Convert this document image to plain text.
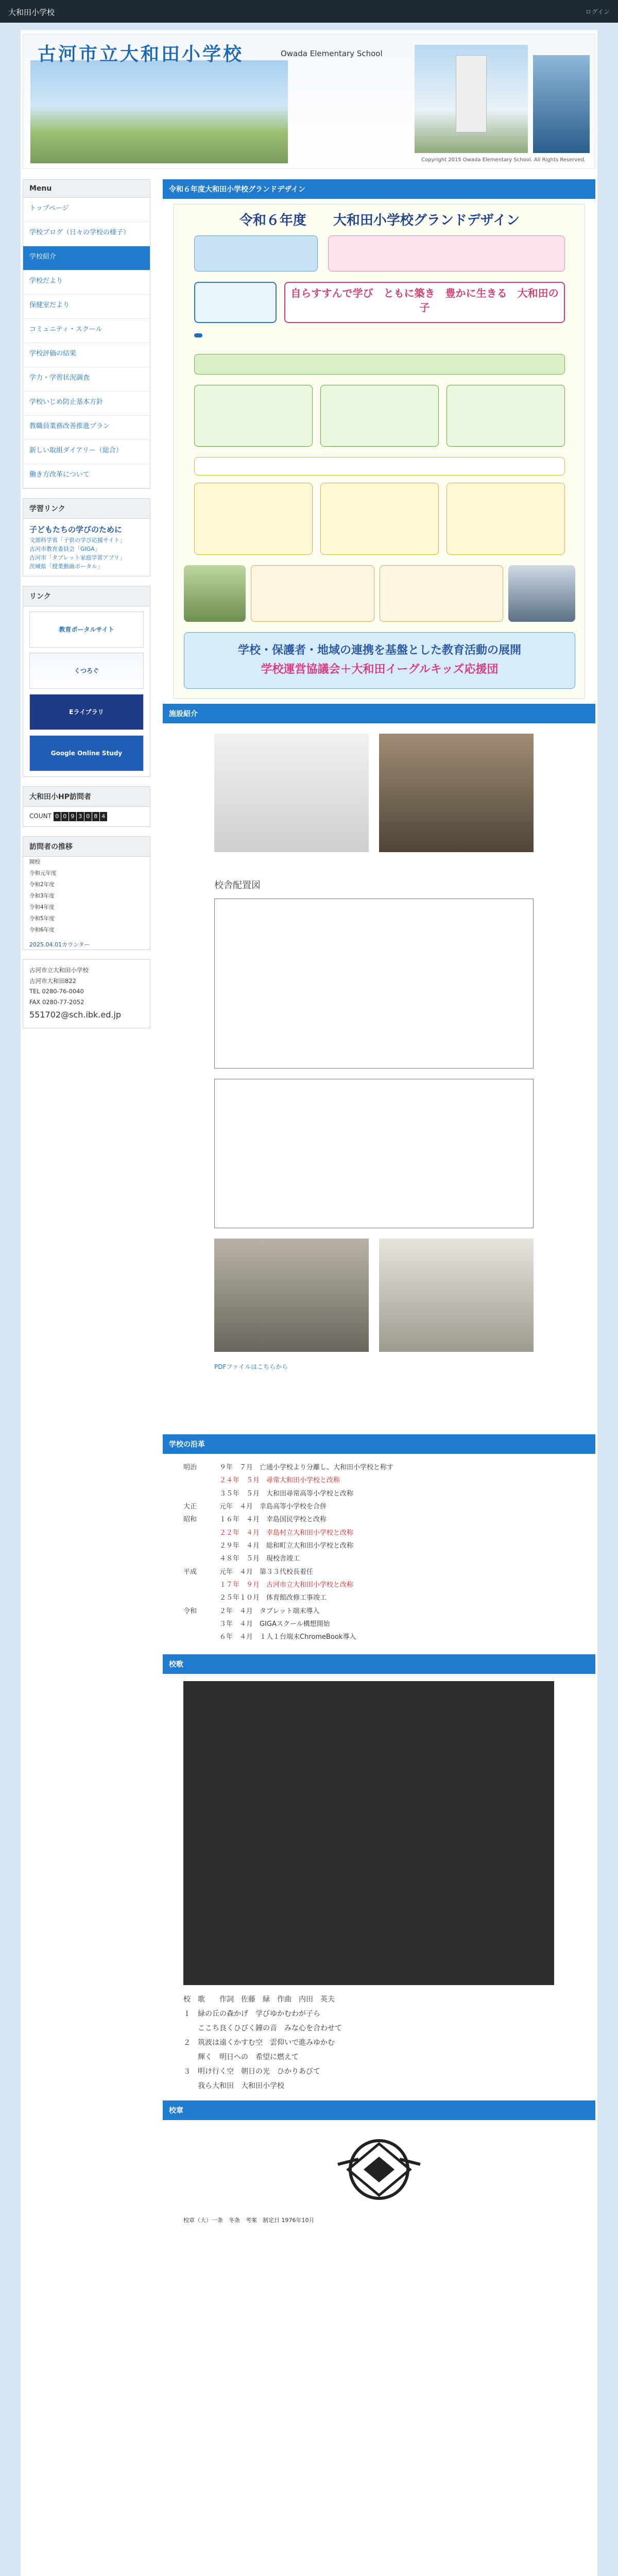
大和田小学校	ログイン
古河市立大和田小学校	Owada Elementary School
Copyright 2015 Owada Elementary School. All Rights Reserved.
Menu
トップページ
学校ブログ（日々の学校の様子）
学校紹介
学校だより
保健室だより
コミュニティ・スクール
学校評価の結果
学力・学習状況調査
学校いじめ防止基本方針
教職員業務改善推進プラン
新しい取組ダイアリー（総合）
働き方改革について
学習リンク
子どもたちの学びのために
文部科学省「子供の学び応援サイト」
古河市教育委員会「GIGA」
古河市「タブレット家庭学習アプリ」
茨城県「授業動画ポータル」
リンク
教育ポータルサイト
くつろぐ
Eライブラリ
Google Online Study
大和田小HP訪問者
COUNT 0 0 9 3 0 8 4
訪問者の推移
開校
令和元年度
令和2年度
令和3年度
令和4年度
令和5年度
令和6年度
2025.04.01カウンター
古河市立大和田小学校
古河市大和田822
TEL 0280-76-0040
FAX 0280-77-2052
551702@sch.ibk.ed.jp
令和６年度大和田小学校グランドデザイン
令和６年度　　大和田小学校グランドデザイン
自らすすんで学び　ともに築き　豊かに生きる　大和田の子
学校・保護者・地域の連携を基盤とした教育活動の展開
学校運営協議会＋大和田イーグルキッズ応援団
施設紹介
校舎配置図
PDFファイルはこちらから
学校の沿革
明治	９年　７月　亡通小学校より分離し、大和田小学校と称す
２４年　５月　尋常大和田小学校と改称
３５年　５月　大和田尋常高等小学校と改称
大正	元年　４月　幸島高等小学校を合併
昭和	１６年　４月　幸島国民学校と改称
２２年　４月　幸島村立大和田小学校と改称
２９年　４月　総和町立大和田小学校と改称
４８年　５月　現校舎竣工
平成	元年　４月　第３３代校長着任
１７年　９月　古河市立大和田小学校と改称
２５年１０月　体育館改修工事竣工
令和	２年　４月　タブレット端末導入
３年　４月　GIGAスクール構想開始
６年　４月　１人１台端末ChromeBook導入
校歌
校　歌　　作詞　佐藤　緑　作曲　内田　英夫
１　緑の丘の森かげ　学びゆかむわが子ら
　　ここち良くひびく鐘の音　みな心を合わせて
２　筑波は遠くかすむ空　雲仰いで進みゆかむ
　　輝く　明日への　希望に燃えて
３　明け行く空　朝日の光　ひかりあびて
　　我ら大和田　大和田小学校
校章
校章（大）一条　冬条　考案　制定日 1976年10月
